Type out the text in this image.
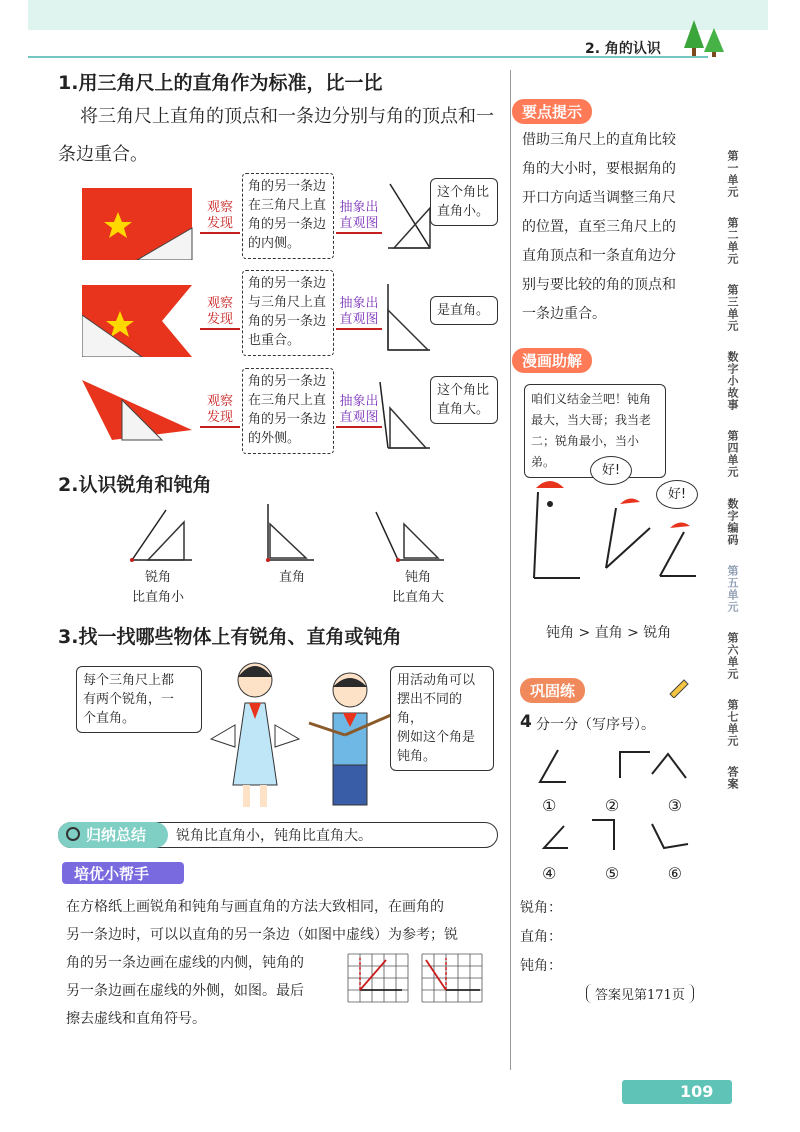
2. 角的认识
1.用三角尺上的直角作为标准，比一比
将三角尺上直角的顶点和一条边分别与角的顶点和一条边重合。
观察
发现
角的另一条边
在三角尺上直
角的另一条边
的内侧。
抽象出
直观图
这个角比
直角小。
观察
发现
角的另一条边
与三角尺上直
角的另一条边
也重合。
抽象出
直观图
是直角。
观察
发现
角的另一条边
在三角尺上直
角的另一条边
的外侧。
抽象出
直观图
这个角比
直角大。
2.认识锐角和钝角
锐角
比直角小
直角	钝角
比直角大
3.找一找哪些物体上有锐角、直角或钝角
每个三角尺上都
有两个锐角，一
个直角。
用活动角可以
摆出不同的角，
例如这个角是
钝角。
归纳总结 锐角比直角小，钝角比直角大。
培优小帮手
在方格纸上画锐角和钝角与画直角的方法大致相同，在画角的
另一条边时，可以以直角的另一条边（如图中虚线）为参考；锐
角的另一条边画在虚线的内侧，钝角的
另一条边画在虚线的外侧，如图。最后
擦去虚线和直角符号。
要点提示
借助三角尺上的直角比较
角的大小时，要根据角的
开口方向适当调整三角尺
的位置，直至三角尺上的
直角顶点和一条直角边分
别与要比较的角的顶点和
一条边重合。
漫画助解
咱们义结金兰吧！钝角
最大，当大哥；我当老
二；锐角最小，当小弟。
好!
好!
钝角 > 直角 > 锐角
巩固练
4 分一分（写序号）。
①	②	③
④	⑤	⑥
锐角：
直角：
钝角：
答案见第171页
第一单元
第二单元
第三单元
数字小故事
第四单元
数字编码
第五单元
第六单元
第七单元
答案
109
